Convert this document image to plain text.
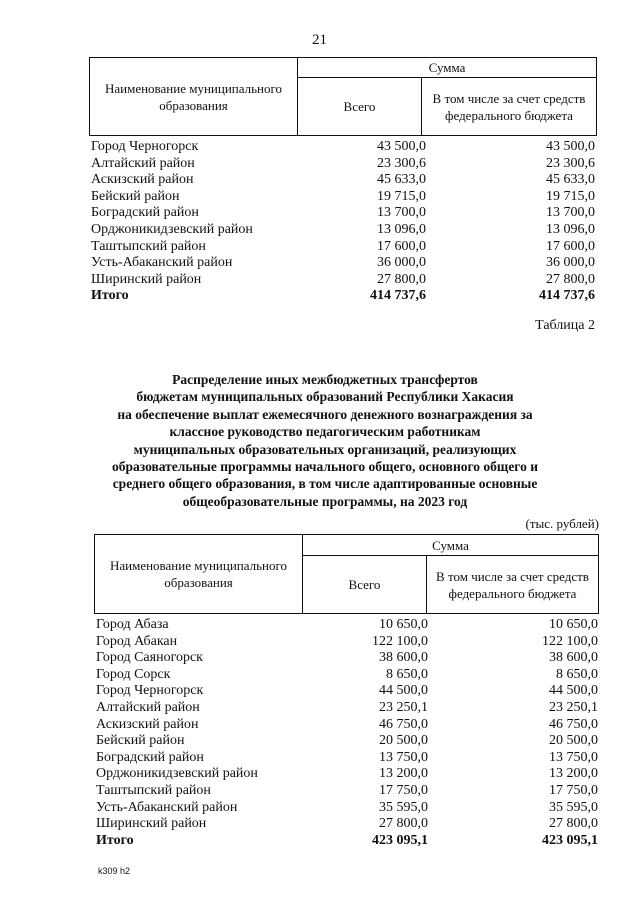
21
Наименование муниципального образования	Сумма	
	Всего	В том числе за счет средств федерального бюджета
Город Черногорск	43 500,0	43 500,0
Алтайский район	23 300,6	23 300,6
Аскизский район	45 633,0	45 633,0
Бейский район	19 715,0	19 715,0
Боградский район	13 700,0	13 700,0
Орджоникидзевский район	13 096,0	13 096,0
Таштыпский район	17 600,0	17 600,0
Усть-Абаканский район	36 000,0	36 000,0
Ширинский район	27 800,0	27 800,0
Итого	414 737,6	414 737,6
Таблица 2
Распределение иных межбюджетных трансфертов
бюджетам муниципальных образований Республики Хакасия
на обеспечение выплат ежемесячного денежного вознаграждения за
классное руководство педагогическим работникам
муниципальных образовательных организаций, реализующих
образовательные программы начального общего, основного общего и
среднего общего образования, в том числе адаптированные основные
общеобразовательные программы, на 2023 год
(тыс. рублей)
Наименование муниципального образования	Сумма	
	Всего	В том числе за счет средств федерального бюджета
Город Абаза	10 650,0	10 650,0
Город Абакан	122 100,0	122 100,0
Город Саяногорск	38 600,0	38 600,0
Город Сорск	8 650,0	8 650,0
Город Черногорск	44 500,0	44 500,0
Алтайский район	23 250,1	23 250,1
Аскизский район	46 750,0	46 750,0
Бейский район	20 500,0	20 500,0
Боградский район	13 750,0	13 750,0
Орджоникидзевский район	13 200,0	13 200,0
Таштыпский район	17 750,0	17 750,0
Усть-Абаканский район	35 595,0	35 595,0
Ширинский район	27 800,0	27 800,0
Итого	423 095,1	423 095,1
k309 h2
